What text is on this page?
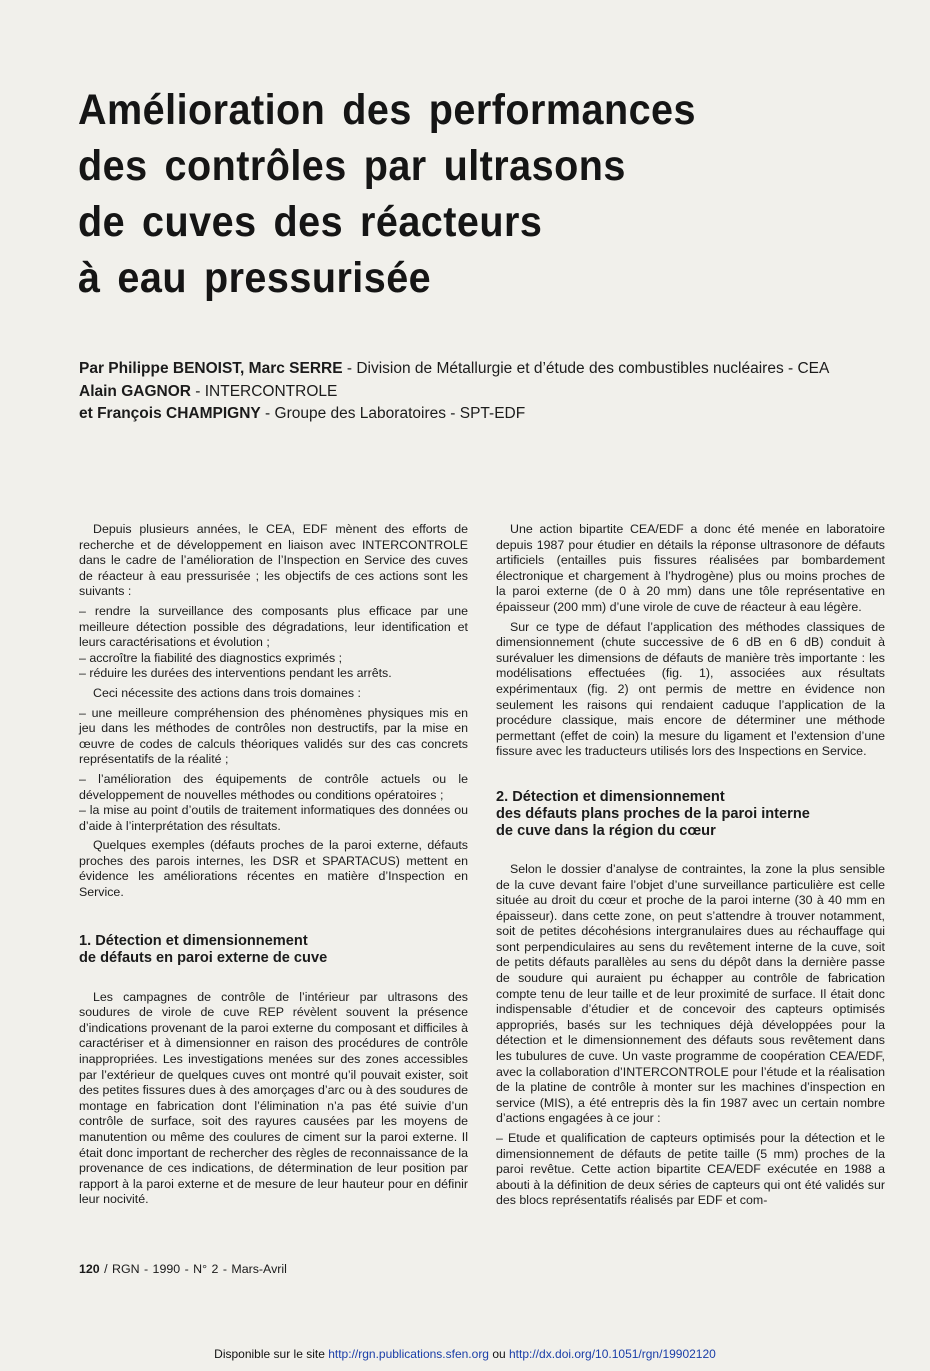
Amélioration des performances
des contrôles par ultrasons
de cuves des réacteurs
à eau pressurisée
Par Philippe BENOIST, Marc SERRE - Division de Métallurgie et d’étude des combustibles nucléaires - CEA
Alain GAGNOR - INTERCONTROLE
et François CHAMPIGNY - Groupe des Laboratoires - SPT-EDF

Depuis plusieurs années, le CEA, EDF mènent des efforts de recherche et de développement en liaison avec INTERCONTROLE dans le cadre de l’amélioration de l’Inspection en Service des cuves de réacteur à eau pressurisée ; les objectifs de ces actions sont les suivants :

– rendre la surveillance des composants plus efficace par une meilleure détection possible des dégradations, leur identification et leurs caractérisations et évolution ;

– accroître la fiabilité des diagnostics exprimés ;

– réduire les durées des interventions pendant les arrêts.

Ceci nécessite des actions dans trois domaines :

– une meilleure compréhension des phénomènes physiques mis en jeu dans les méthodes de contrôles non destructifs, par la mise en œuvre de codes de calculs théoriques validés sur des cas concrets représentatifs de la réalité ;

– l’amélioration des équipements de contrôle actuels ou le développement de nouvelles méthodes ou conditions opératoires ;

– la mise au point d’outils de traitement informatiques des données ou d’aide à l’interprétation des résultats.

Quelques exemples (défauts proches de la paroi externe, défauts proches des parois internes, les DSR et SPARTACUS) mettent en évidence les améliorations récentes en matière d’Inspection en Service.

1. Détection et dimensionnement
de défauts en paroi externe de cuve

Les campagnes de contrôle de l’intérieur par ultrasons des soudures de virole de cuve REP révèlent souvent la présence d’indications provenant de la paroi externe du composant et difficiles à caractériser et à dimensionner en raison des procédures de contrôle inappropriées. Les investigations menées sur des zones accessibles par l’extérieur de quelques cuves ont montré qu’il pouvait exister, soit des petites fissures dues à des amorçages d’arc ou à des soudures de montage en fabrication dont l’élimination n’a pas été suivie d’un contrôle de surface, soit des rayures causées par les moyens de manutention ou même des coulures de ciment sur la paroi externe. Il était donc important de rechercher des règles de reconnaissance de la provenance de ces indications, de détermination de leur position par rapport à la paroi externe et de mesure de leur hauteur pour en définir leur nocivité.

Une action bipartite CEA/EDF a donc été menée en laboratoire depuis 1987 pour étudier en détails la réponse ultrasonore de défauts artificiels (entailles puis fissures réalisées par bombardement électronique et chargement à l’hydrogène) plus ou moins proches de la paroi externe (de 0 à 20 mm) dans une tôle représentative en épaisseur (200 mm) d’une virole de cuve de réacteur à eau légère.

Sur ce type de défaut l’application des méthodes classiques de dimensionnement (chute successive de 6 dB en 6 dB) conduit à surévaluer les dimensions de défauts de manière très importante : les modélisations effectuées (fig. 1), associées aux résultats expérimentaux (fig. 2) ont permis de mettre en évidence non seulement les raisons qui rendaient caduque l’application de la procédure classique, mais encore de déterminer une méthode permettant (effet de coin) la mesure du ligament et l’extension d’une fissure avec les traducteurs utilisés lors des Inspections en Service.

2. Détection et dimensionnement
des défauts plans proches de la paroi interne
de cuve dans la région du cœur

Selon le dossier d’analyse de contraintes, la zone la plus sensible de la cuve devant faire l’objet d’une surveillance particulière est celle située au droit du cœur et proche de la paroi interne (30 à 40 mm en épaisseur). dans cette zone, on peut s’attendre à trouver notamment, soit de petites décohésions intergranulaires dues au réchauffage qui sont perpendiculaires au sens du revêtement interne de la cuve, soit de petits défauts parallèles au sens du dépôt dans la dernière passe de soudure qui auraient pu échapper au contrôle de fabrication compte tenu de leur taille et de leur proximité de surface. Il était donc indispensable d’étudier et de concevoir des capteurs optimisés appropriés, basés sur les techniques déjà développées pour la détection et le dimensionnement des défauts sous revêtement dans les tubulures de cuve. Un vaste programme de coopération CEA/EDF, avec la collaboration d’INTERCONTROLE pour l’étude et la réalisation de la platine de contrôle à monter sur les machines d’inspection en service (MIS), a été entrepris dès la fin 1987 avec un certain nombre d’actions engagées à ce jour :

– Etude et qualification de capteurs optimisés pour la détection et le dimensionnement de défauts de petite taille (5 mm) proches de la paroi revêtue. Cette action bipartite CEA/EDF exécutée en 1988 a abouti à la définition de deux séries de capteurs qui ont été validés sur des blocs représentatifs réalisés par EDF et com-

120 / RGN - 1990 - N° 2 - Mars-Avril
Disponible sur le site http://rgn.publications.sfen.org ou http://dx.doi.org/10.1051/rgn/19902120
